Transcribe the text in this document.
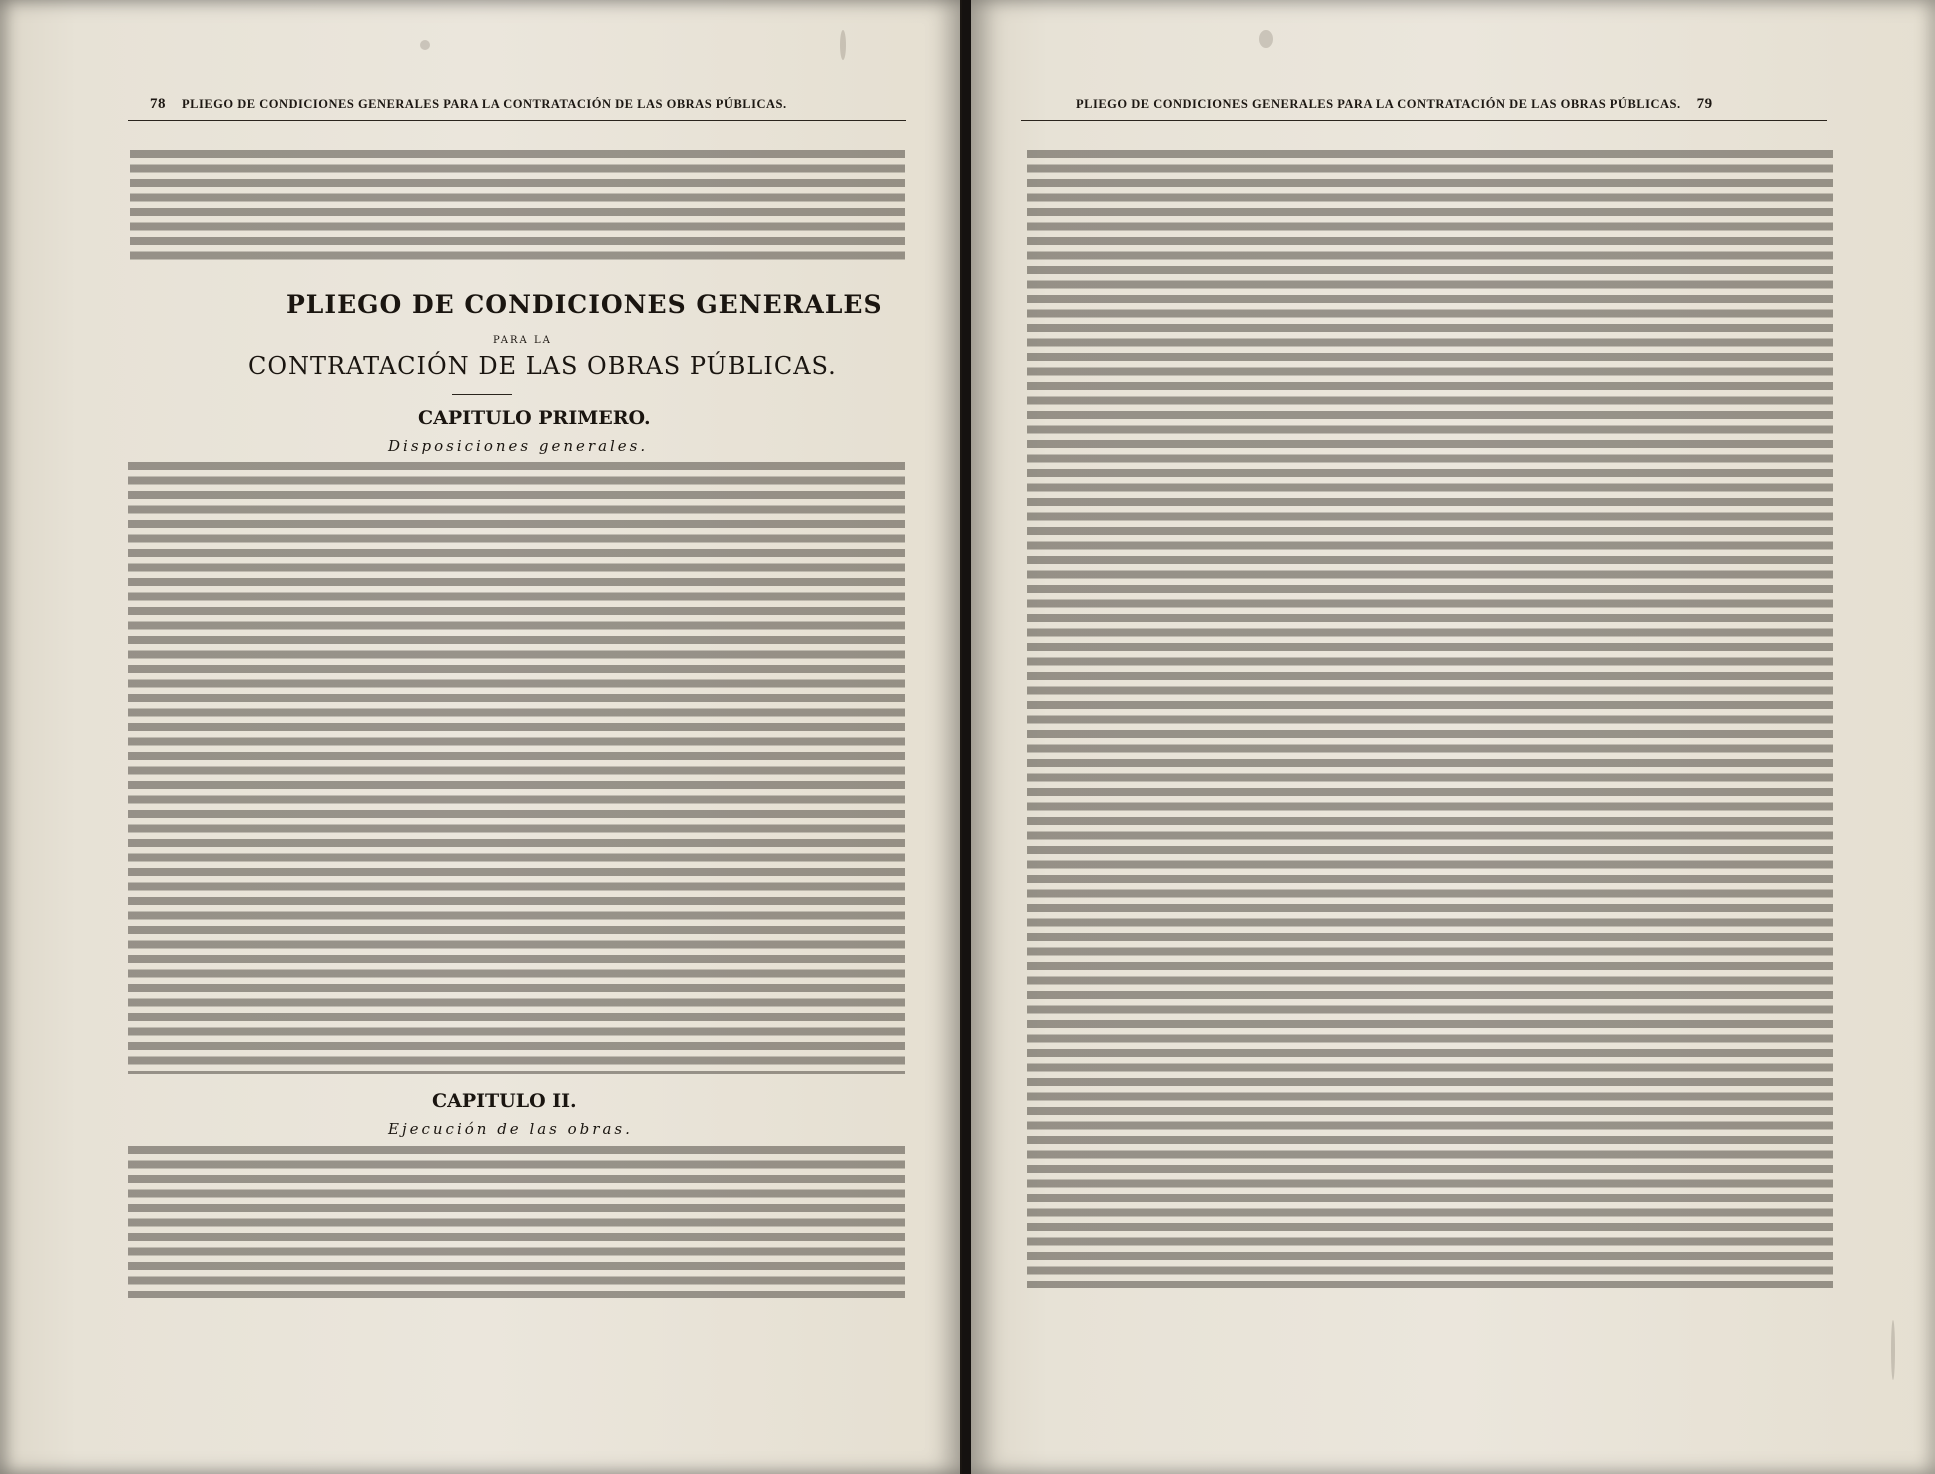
78 PLIEGO DE CONDICIONES GENERALES PARA LA CONTRATACIÓN DE LAS OBRAS PÚBLICAS.
PLIEGO DE CONDICIONES GENERALES
PARA LA
CONTRATACIÓN DE LAS OBRAS PÚBLICAS.
CAPITULO PRIMERO.
Disposiciones generales.
CAPITULO II.
Ejecución de las obras.
PLIEGO DE CONDICIONES GENERALES PARA LA CONTRATACIÓN DE LAS OBRAS PÚBLICAS. 79
